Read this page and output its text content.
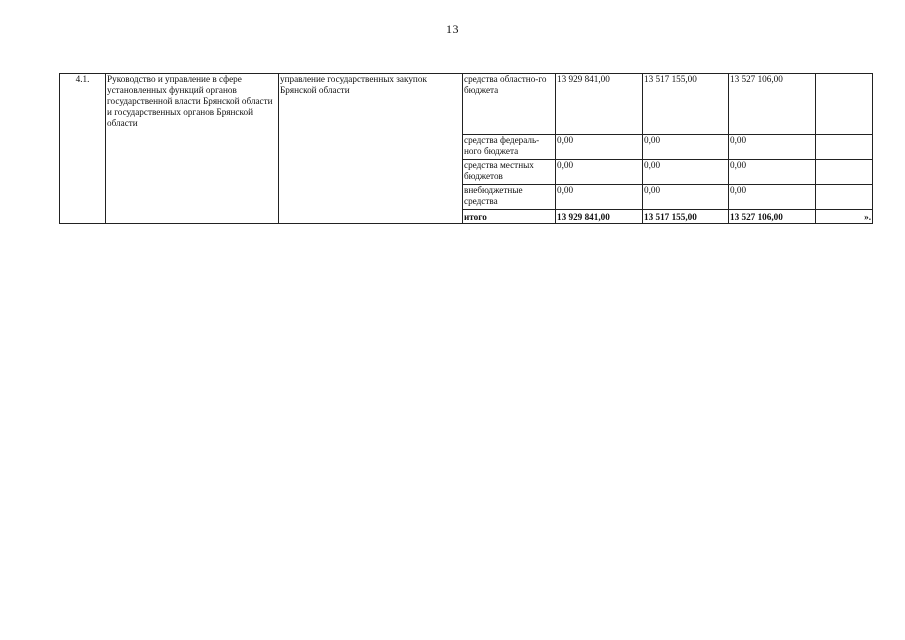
13
4.1.	Руководство и управление в сфере установленных функций органов государственной власти Брянской области и государственных органов Брянской области	управление государственных закупок Брянской области	средства областно-го бюджета	13 929 841,00	13 517 155,00	13 527 106,00	
			средства федераль-ного бюджета	0,00	0,00	0,00	
			средства местных бюджетов	0,00	0,00	0,00	
			внебюджетные средства	0,00	0,00	0,00	
			итого	13 929 841,00	13 517 155,00	13 527 106,00	».
